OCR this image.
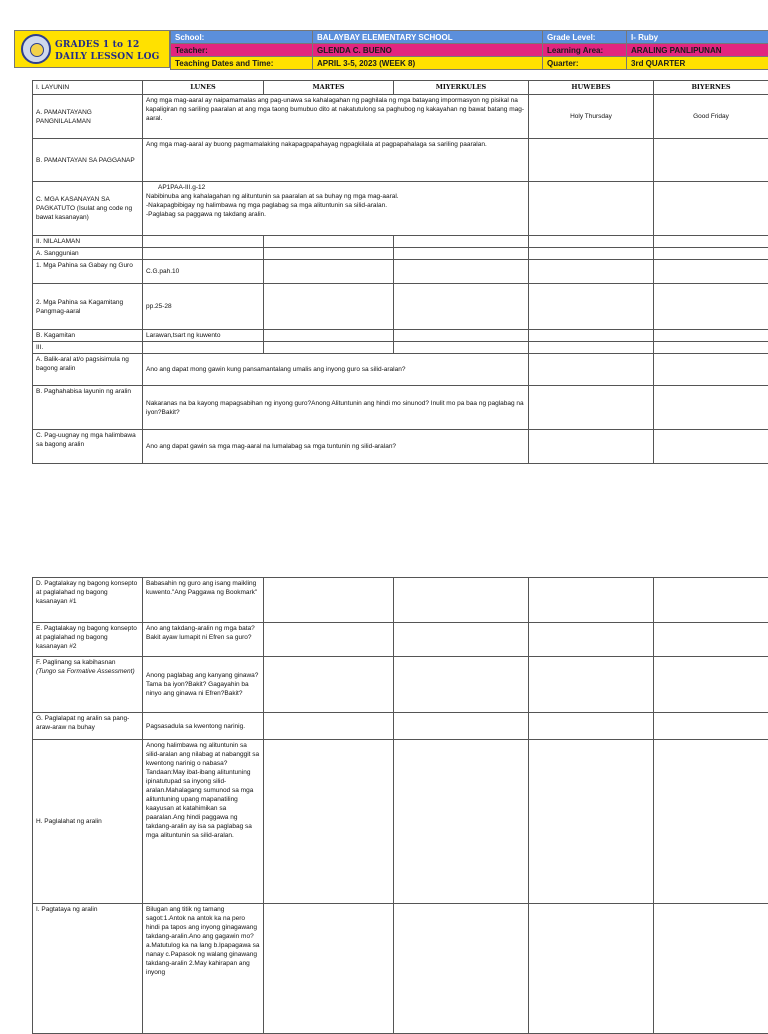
GRADES 1 to 12
DAILY LESSON LOG
School:	BALAYBAY ELEMENTARY SCHOOL	Grade Level:	I- Ruby
Teacher:	GLENDA C. BUENO	Learning Area:	ARALING PANLIPUNAN
Teaching Dates and Time:	APRIL 3-5, 2023 (WEEK 8)	Quarter:	3rd QUARTER
I. LAYUNIN	LUNES	MARTES	MIYERKULES	HUWEBES	BIYERNES
A. PAMANTAYANG PANGNILALAMAN	Ang mga mag-aaral ay naipamamalas ang pag-unawa sa kahalagahan ng paghilala ng mga batayang impormasyon ng pisikal na kapaligiran ng sariling paaralan at ang mga taong bumubuo dito at nakatutulong sa paghubog ng kakayahan ng bawat batang mag-aaral.			Holy Thursday	Good Friday
B. PAMANTAYAN SA PAGGANAP	Ang mga mag-aaral ay buong pagmamalaking nakapagpapahayag ngpagkilala at pagpapahalaga sa sariling paaralan.				
C. MGA KASANAYAN SA PAGKATUTO (Isulat ang code ng bawat kasanayan)	AP1PAA-III.g-12
Nabibinuba ang kahalagahan ng alituntunin sa paaralan at sa buhay ng mga mag-aaral.
-Nakapagbibigay ng halimbawa ng mga paglabag sa mga alituntunin sa silid-aralan.
-Paglabag sa paggawa ng takdang aralin.				

II. NILALAMAN					
A. Sanggunian					
1. Mga Pahina sa Gabay ng Guro	C.G.pah.10				
2. Mga Pahina sa Kagamitang Pangmag-aaral	pp.25-28				
B. Kagamitan	Larawan,tsart ng kuwento				
III.					
A. Balik-aral at/o pagsisimula ng bagong aralin	Ano ang dapat mong gawin kung pansamantalang umalis ang inyong guro sa silid-aralan?				
B. Paghahabisa layunin ng aralin	Nakaranas na ba kayong mapagsabihan ng inyong guro?Anong Alituntunin ang hindi mo sinunod? Inulit mo pa baa ng paglabag na iyon?Bakit?				
C. Pag-uugnay ng mga halimbawa sa bagong aralin	Ano ang dapat gawin sa mga mag-aaral na lumalabag sa mga tuntunin ng silid-aralan?				
D. Pagtalakay ng bagong konsepto at paglalahad ng bagong kasanayan #1	Babasahin ng guro ang isang maikling kuwento."Ang Paggawa ng Bookmark"				
E. Pagtalakay ng bagong konsepto at paglalahad ng bagong kasanayan #2	Ano ang takdang-aralin ng mga bata?Bakit ayaw lumapit ni Efren sa guro?				

F. Paglinang sa kabihasnan
(Tungo sa Formative Assessment)	Anong paglabag ang kanyang ginawa?Tama ba iyon?Bakit? Gagayahin ba ninyo ang ginawa ni Efren?Bakit?				
G. Paglalapat ng aralin sa pang-araw-araw na buhay	Pagsasadula sa kwentong narinig.				
H. Paglalahat ng aralin	Anong halimbawa ng alituntunin sa silid-aralan ang nilabag at nabanggit sa kwentong narinig o nabasa? Tandaan:May ibat-ibang alituntuning ipinatutupad sa inyong silid-aralan.Mahalagang sumunod sa mga alituntuning upang mapanatiling kaayusan at katahimikan sa paaralan.Ang hindi paggawa ng takdang-aralin ay isa sa paglabag sa mga alituntunin sa silid-aralan.				
I. Pagtataya ng aralin	Bilugan ang titik ng tamang sagot:1.Antok na antok ka na pero hindi pa tapos ang inyong ginagawang takdang-aralin.Ano ang gagawin mo? a.Matutulog ka na lang b.Ipapagawa sa nanay c.Papasok ng walang ginawang takdang-aralin 2.May kahirapan ang inyong				
